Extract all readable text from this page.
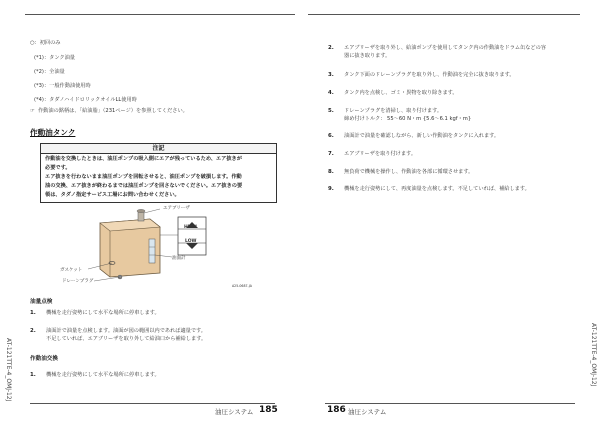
○：初回のみ
(*1)：タンク油量
(*2)：全油量
(*3)：一般作動油使用時
(*4)：タダノハイドロリックオイルLL使用時
☞ 作動油の銘柄は、「給油脂」（231ページ）を参照してください。
作動油タンク
注記
作動油を交換したときは、油圧ポンプの吸入側にエアが残っているため、エア抜きが
必要です。
エア抜きを行わないまま油圧ポンプを回転させると、油圧ポンプを破損します。作動
油の交換、エア抜きが終わるまでは油圧ポンプを回さないでください。エア抜きの要
領は、タダノ指定サービス工場にお問い合わせください。
エアブリーザ
HIGH
LOW
油面計
ガスケット
ドレーンプラグ
A25-0687-JA
油量点検
1. 機械を走行姿勢にして水平な場所に停車します。
2. 油面計で油量を点検します。油面が図の範囲以内であれば適量です。
不足していれば、エアブリーザを取り外して給油口から補給します。
作動油交換
1. 機械を走行姿勢にして水平な場所に停車します。
AT-121TTE-4_OMJ-12J
油圧システム 185
2. エアブリーザを取り外し、給油ポンプを使用してタンク内の作動油をドラム缶などの容
器に抜き取ります。
3. タンク下面のドレーンプラグを取り外し、作動油を完全に抜き取ります。
4. タンク内を点検し、ゴミ・異物を取り除きます。
5. ドレーンプラグを清掃し、取り付けます。
締め付けトルク： 55〜60 N・m {5.6〜6.1 kgf・m}
6. 油面計で油量を確認しながら、新しい作動油をタンクに入れます。
7. エアブリーザを取り付けます。
8. 無負荷で機械を操作し、作動油を各部に循環させます。
9. 機械を走行姿勢にして、再度油量を点検します。不足していれば、補給します。
AT-121TTE-4_OMJ-12J
186 油圧システム
